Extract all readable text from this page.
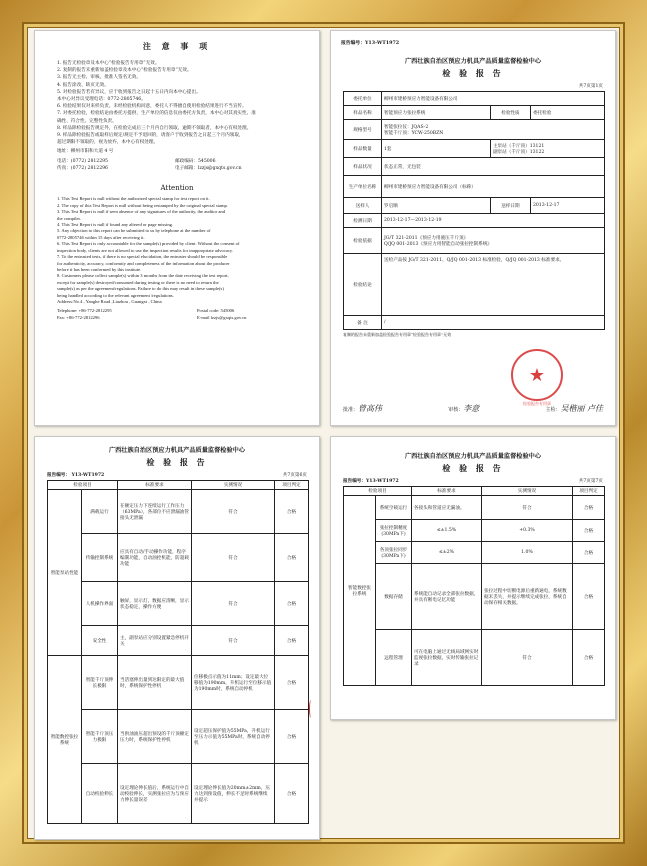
注 意 事 项
1. 报告无检验章及本中心“检验报告专用章”无效。
2. 复制的报告未重新加盖检验章及本中心“检验报告专用章”无效。
3. 报告无主检、审核、批准人签名无效。
4. 报告涂改、缺页无效。
5. 对检验报告若有异议，应于收到报告之日起十五日内向本中心提出。
本中心对异议受理电话：0772-2805746。
6. 检验结果仅对来样负责。未经检验机构同意，委托人不得擅自使用检验结果进行不当宣传。
7. 对委托检验，检验结论由委托方提供，生产单位的信息仅由委托方负责，本中心对其真实性、准
确性、符合性、完整性负责。
8. 样品除检验报告规定外，在检验完成后三个月内自行领取，逾期不领取者，本中心有权处理。
9. 样品除检验报告或取样后规定/规定不予退回的，请客户于收到报告之日起三个月内领取，
超过期限不领取的，视为放弃，本中心有权处理。
地址：柳州市阳和大道 4 号
电话：(0772) 2812295	邮政编码：545006
传真：(0772) 2812296	电子邮箱：lzzjs@gxqts.gov.cn
Attention
1. This Test Report is null without the authorized special stamp for test report on it.
2. The copy of this Test Report is null without being restamped by the original special stamp.
3. This Test Report is null if seen absence of any signatures of the authority, the auditor and
the compiler.
4. This Test Report is null if found any altered or page missing.
5. Any objection to this report can be submitted to us by telephone at the number of
0772-2805746 within 15 days after receiving it.
6. This Test Report is only accountable for the sample(s) provided by client. Without the consent of
inspection body, clients are not allowed to use the inspection results for inappropriate advocacy.
7. To the entrusted tests, if there is no special elucidation, the entruster should be responsible
for authenticity, accuracy, conformity and completeness of the information about the producer
before it has been conformed by this institute.
8. Customers please collect sample(s) within 3 months from the date receiving the test report,
except for sample(s) destroyed/consumed during testing or there is no need to return the
sample(s) as per the agreement/regulations. Failure to do this may result in these sample(s)
being handled according to the relevant agreement /regulations.
Address:No.4 , Yanghe Road ,Liuzhou , Guangxi , China
Telephone: +86-772-2812295	Postal code: 545006
Fax: +86-772-2812296	E-mail lzzjs@gxqts.gov.cn
报告编号：Y13-WT1972
广西壮族自治区预应力机具产品质量监督检验中心
检 验 报 告
共7页第1页
委托单位	柳州市建桥预应力智能设备有限公司		
样品名称	智能预应力张拉系统	检验性质	委托检验
规格型号	智能张拉仪：JQAS-2
智能千斤顶：YCW-250BZN		

样品数量	1套	主泵站（千斤顶）13121
副泵站（千斤顶）13122	

样品状况	状态正常，无包装		
生产单位名称	柳州市建桥预应力智能设备有限公司（标称）		
送样人	罗启顺	送样日期	2013-12-17
检测日期	2013-12-17—2013-12-19		
检验依据	JG/T 321-2011《预应力用液压千斤顶》
Q/JQ 001-2013《预应力用智能自动张拉控制系统》		

检验结论	送检产品按 JG/T 321-2011、Q/JQ 001-2013 标准检验，Q/JQ 001-2013 标准要求。		
备 注	/		
复制的报告未重新加盖检验报告专用章“检验报告专用章”无效
★
检验报告专用章
批准：曾高伟	审核：李意	主检：吴楷丽 卢佳
广西壮族自治区预应力机具产品质量监督检验中心
检 验 报 告
报告编号： Y13-WT1972	共7页第6页
检验项目		标准要求	实测情况	项目判定
智能泵站性能	满载运行	在额定压力下连续运行工作压力（63MPa），各部位不应泄漏油管接头无泄漏	符合	合格
	传输控制系统	应具有自动/手动操作功能，程序编制功能，自动油控机能，防超载功能	符合	合格
	人机操作界面	触屏，显示灯，数据应清晰，显示状态稳定，操作方便	符合	合格
	安全性	主，副泵站应分别设置紧急停机开关	符合	合格
智能数控张拉系统	智能千斤顶伸长极限	当活塞伸出量到达限定的最大值时，系统保护性停机	位移极点示值为11mm；设定最大位移值为190mm，升机运行至位移示值为190mm时，系统自动停机	合格
	智能千斤顶压力极限	当供油油压超出预设的千斤顶额定压力时，系统保护性停机	设定超压保护值为55MPa，升机运行至压力示值为55MPa时，系统自动停机	合格
	自动校验伸长	设定理论伸长值后，系统运行中自动校验伸长，实测张拉应为与预应力伸长量误差	设定理论伸长值为20mm±2mm，压力达到预设值，伸长不足时系统继续并提示	合格
广西壮族自治区预应力机具产品质量监督检验中心
检 验 报 告
报告编号：Y13-WT1972	共7页第7页
检验项目		标准要求	实测情况	项目判定
智能数控张拉系统	系统空载运行	各接头和管道应无漏油。	符合	合格
	张拉控制精度(30MPa下)	≤±1.5%	+0.3%	合格
	各顶张拉同步(30MPa下)	≤±2%	1.0%	合格
	数据存储	系统能自动记录全部张拉数据，并具有断电记忆功能	张拉过程中切断电源后重新通电，系统数据未丢失，并提示继续完成张拉，系统自动保存相关数据。	合格
	远程管理	可在电脑上通过无线局域网实时监视张拉数据，实时传输张拉记录	符合	合格
